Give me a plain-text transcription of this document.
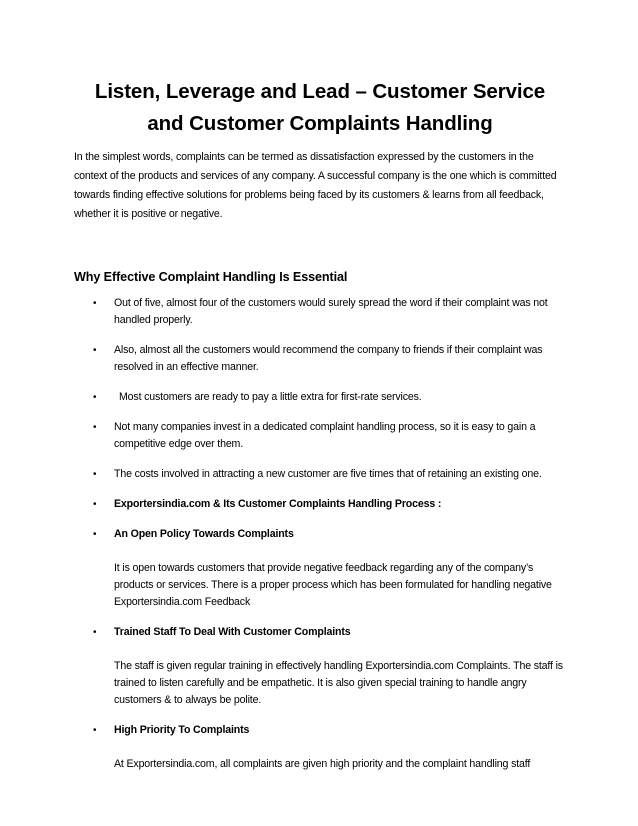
Listen, Leverage and Lead – Customer Service
and Customer Complaints Handling

In the simplest words, complaints can be termed as dissatisfaction expressed by the customers in the context of the products and services of any company. A successful company is the one which is committed towards finding effective solutions for problems being faced by its customers & learns from all feedback, whether it is positive or negative.

Why Effective Complaint Handling Is Essential
• Out of five, almost four of the customers would surely spread the word if their complaint was not handled properly.
• Also, almost all the customers would recommend the company to friends if their complaint was resolved in an effective manner.
• Most customers are ready to pay a little extra for first-rate services.
• Not many companies invest in a dedicated complaint handling process, so it is easy to gain a competitive edge over them.
• The costs involved in attracting a new customer are five times that of retaining an existing one.
• Exportersindia.com & Its Customer Complaints Handling Process :
• An Open Policy Towards Complaints
It is open towards customers that provide negative feedback regarding any of the company’s products or services. There is a proper process which has been formulated for handling negative Exportersindia.com Feedback
• Trained Staff To Deal With Customer Complaints
The staff is given regular training in effectively handling Exportersindia.com Complaints. The staff is trained to listen carefully and be empathetic. It is also given special training to handle angry customers & to always be polite.
• High Priority To Complaints
At Exportersindia.com, all complaints are given high priority and the complaint handling staff
